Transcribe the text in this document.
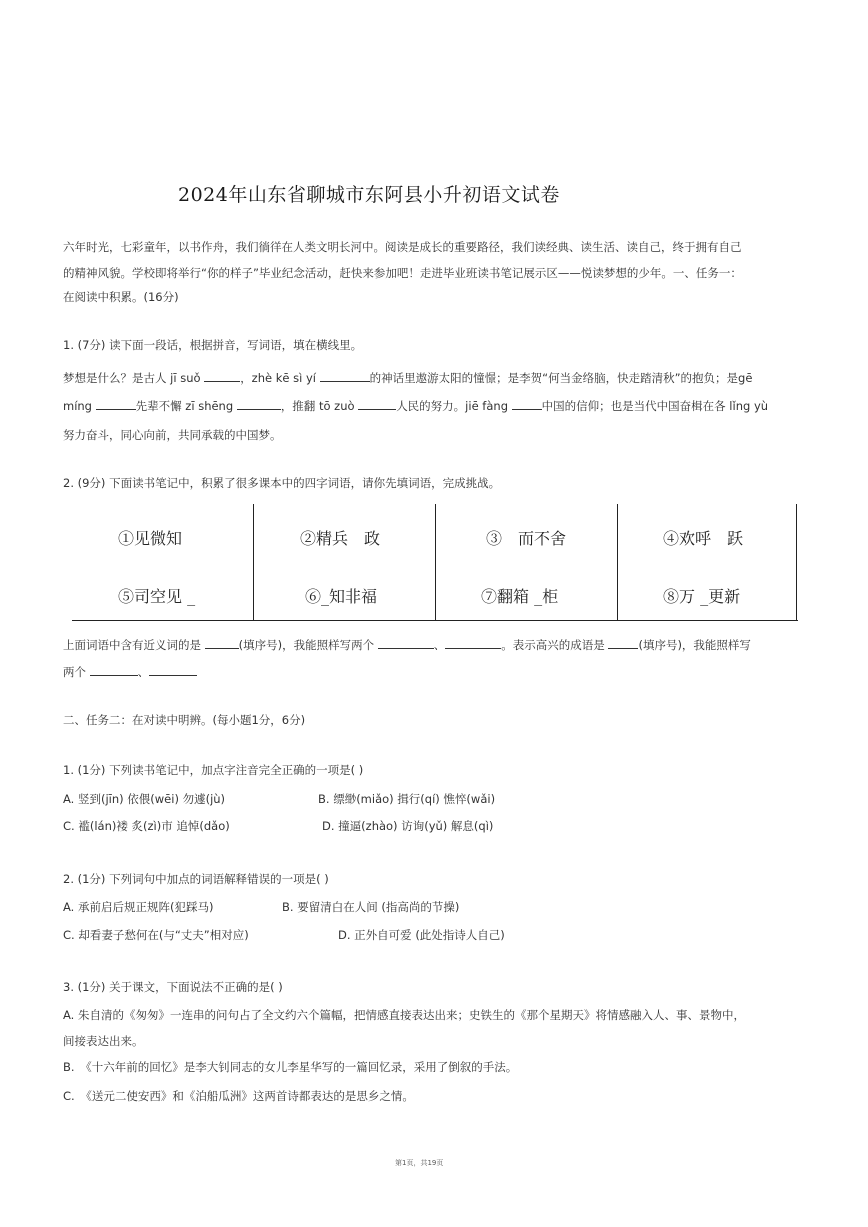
2024年山东省聊城市东阿县小升初语文试卷
六年时光，七彩童年，以书作舟，我们徜徉在人类文明长河中。阅读是成长的重要路径，我们读经典、读生活、读自己，终于拥有自己
的精神风貌。学校即将举行“你的样子”毕业纪念活动，赶快来参加吧！走进毕业班读书笔记展示区——悦读梦想的少年。一、任务一：
在阅读中积累。(16分)
1. (7分) 读下面一段话，根据拼音，写词语，填在横线里。
梦想是什么？是古人 jī suǒ	，zhè kē sì yí	的神话里遨游太阳的憧憬；是李贺“何当金络脑，快走踏清秋”的抱负；是gē
míng	先辈不懈 zī shēng	，推翻 tō zuò	人民的努力。jiē fàng	中国的信仰；也是当代中国奋楫在各 lǐng yù
努力奋斗，同心向前，共同承载的中国梦。
2. (9分) 下面读书笔记中，积累了很多课本中的四字词语，请你先填词语，完成挑战。
①见微知	②精兵　政	③　而不舍	④欢呼　跃
⑤司空见 _	⑥_知非福	⑦翻箱 _柜	⑧万 _更新
上面词语中含有近义词的是	(填序号)，我能照样写两个	、	。表示高兴的成语是	(填序号)，我能照样写
两个	、
二、任务二：在对读中明辨。(每小题1分，6分)
1. (1分) 下列读书笔记中，加点字注音完全正确的一项是( )
A. 竖到(jīn) 依偎(wēi) 勿遽(jù)	B. 缥缈(miǎo) 揖行(qí) 憔悴(wǎi)
C. 褴(lán)褛 炙(zì)市 追悼(dǎo)	D. 撞逼(zhào) 访询(yǔ) 解息(qì)
2. (1分) 下列词句中加点的词语解释错误的一项是( )
A. 承前启后规正规阵(犯踩马)	B. 要留清白在人间 (指高尚的节操)
C. 却看妻子愁何在(与“丈夫”相对应)	D. 正外自可爱 (此处指诗人自己)
3. (1分) 关于课文，下面说法不正确的是( )
A. 朱自清的《匆匆》一连串的问句占了全文约六个篇幅，把情感直接表达出来；史铁生的《那个星期天》将情感融入人、事、景物中，
间接表达出来。
B.　《十六年前的回忆》是李大钊同志的女儿李星华写的一篇回忆录，采用了倒叙的手法。
C.　《送元二使安西》和《泊船瓜洲》这两首诗都表达的是思乡之情。
第1页，共19页
